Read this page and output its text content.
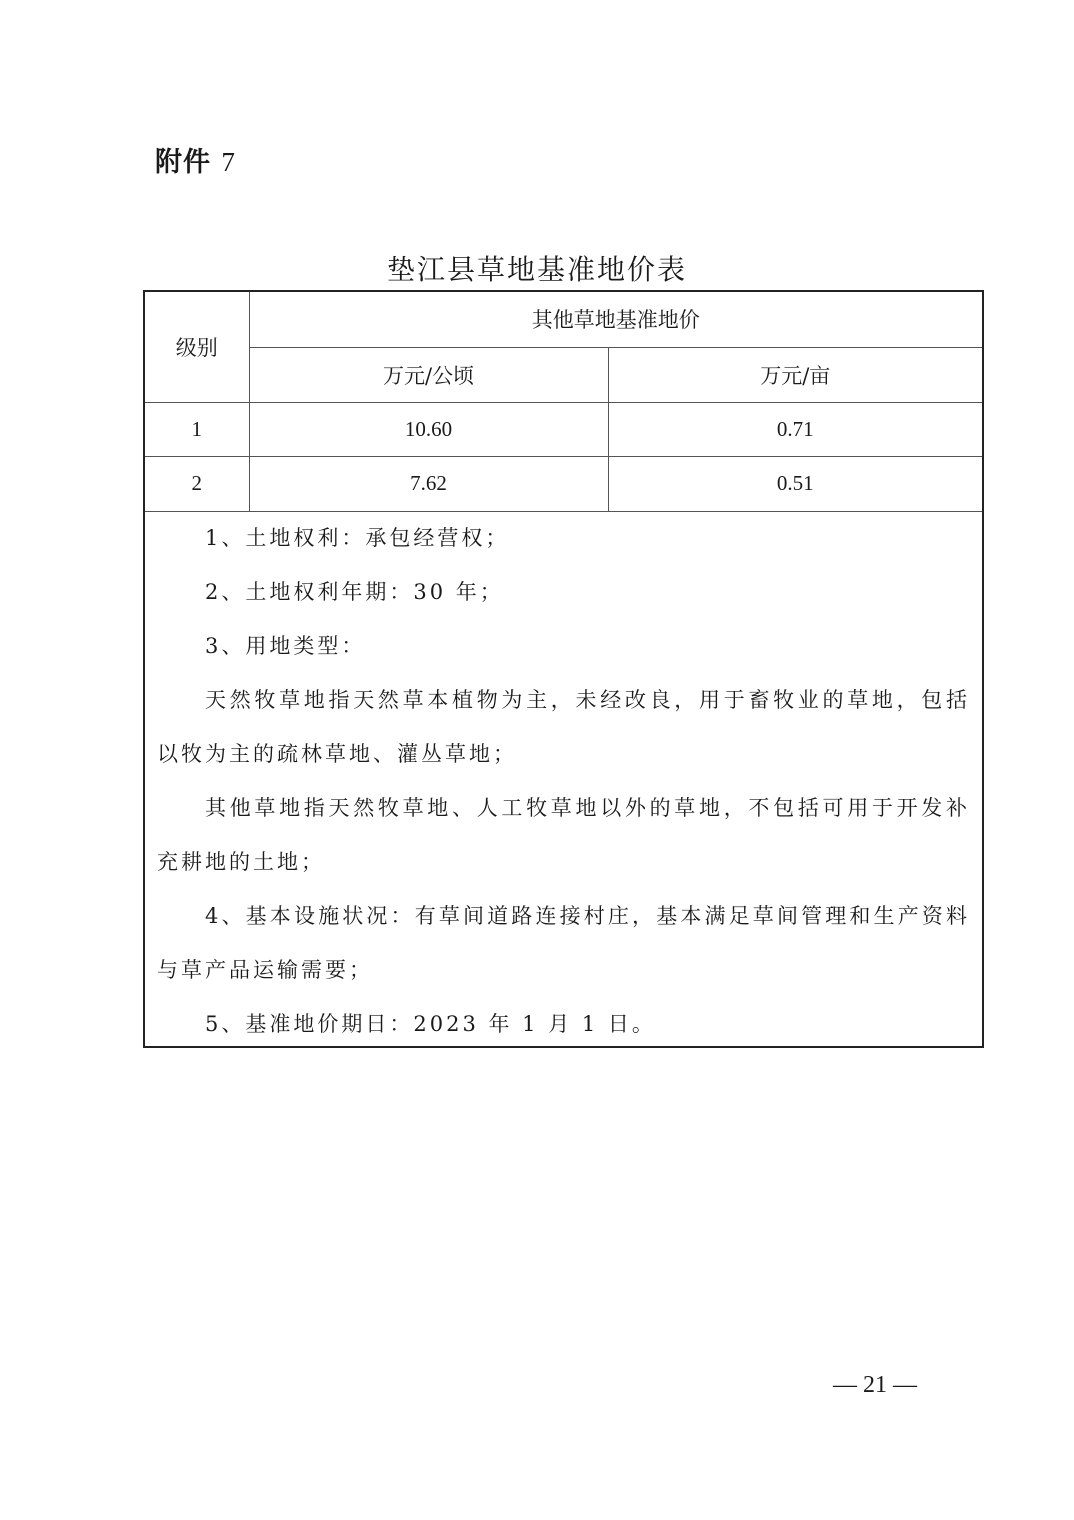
附件 7
垫江县草地基准地价表
级别	其他草地基准地价	
	万元/公顷	万元/亩
1	10.60	0.71
2	7.62	0.51

1、土地权利：承包经营权；

2、土地权利年期：30 年；

3、用地类型：

天然牧草地指天然草本植物为主，未经改良，用于畜牧业的草地，包括以牧为主的疏林草地、灌丛草地；

其他草地指天然牧草地、人工牧草地以外的草地，不包括可用于开发补充耕地的土地；

4、基本设施状况：有草间道路连接村庄，基本满足草间管理和生产资料与草产品运输需要；

5、基准地价期日：2023 年 1 月 1 日。

— 21 —
